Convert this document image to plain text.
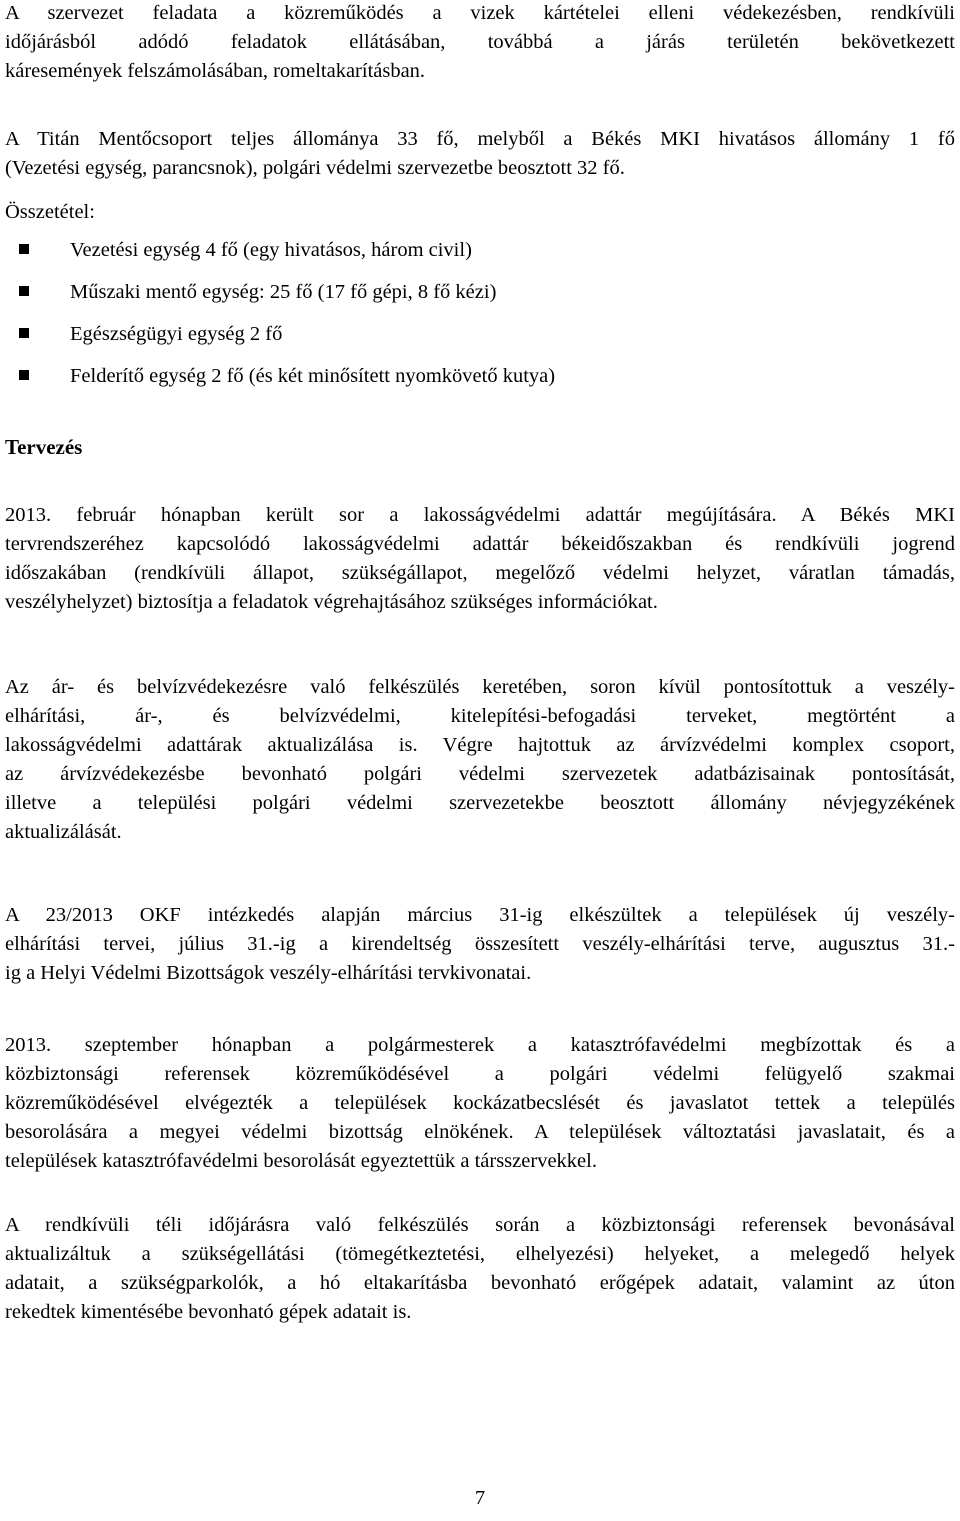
A szervezet feladata a közreműködés a vizek kártételei elleni védekezésben, rendkívüli
időjárásból adódó feladatok ellátásában, továbbá a járás területén bekövetkezett
káresemények felszámolásában, romeltakarításban.

A Titán Mentőcsoport teljes állománya 33 fő, melyből a Békés MKI hivatásos állomány 1 fő
(Vezetési egység, parancsnok), polgári védelmi szervezetbe beosztott 32 fő.

Összetétel:

Vezetési egység 4 fő (egy hivatásos, három civil)
Műszaki mentő egység: 25 fő (17 fő gépi, 8 fő kézi)
Egészségügyi egység 2 fő
Felderítő egység 2 fő (és két minősített nyomkövető kutya)
Tervezés

2013. február hónapban került sor a lakosságvédelmi adattár megújítására. A Békés MKI
tervrendszeréhez kapcsolódó lakosságvédelmi adattár békeidőszakban és rendkívüli jogrend
időszakában (rendkívüli állapot, szükségállapot, megelőző védelmi helyzet, váratlan támadás,
veszélyhelyzet) biztosítja a feladatok végrehajtásához szükséges információkat.

Az ár- és belvízvédekezésre való felkészülés keretében, soron kívül pontosítottuk a veszély-
elhárítási, ár-, és belvízvédelmi, kitelepítési-befogadási terveket, megtörtént a
lakosságvédelmi adattárak aktualizálása is. Végre hajtottuk az árvízvédelmi komplex csoport,
az árvízvédekezésbe bevonható polgári védelmi szervezetek adatbázisainak pontosítását,
illetve a települési polgári védelmi szervezetekbe beosztott állomány névjegyzékének
aktualizálását.

A 23/2013 OKF intézkedés alapján március 31-ig elkészültek a települések új veszély-
elhárítási tervei, július 31.-ig a kirendeltség összesített veszély-elhárítási terve, augusztus 31.-
ig a Helyi Védelmi Bizottságok veszély-elhárítási tervkivonatai.

2013. szeptember hónapban a polgármesterek a katasztrófavédelmi megbízottak és a
közbiztonsági referensek közreműködésével a polgári védelmi felügyelő szakmai
közreműködésével elvégezték a települések kockázatbecslését és javaslatot tettek a település
besorolására a megyei védelmi bizottság elnökének. A települések változtatási javaslatait, és a
települések katasztrófavédelmi besorolását egyeztettük a társszervekkel.

A rendkívüli téli időjárásra való felkészülés során a közbiztonsági referensek bevonásával
aktualizáltuk a szükségellátási (tömegétkeztetési, elhelyezési) helyeket, a melegedő helyek
adatait, a szükségparkolók, a hó eltakarításba bevonható erőgépek adatait, valamint az úton
rekedtek kimentésébe bevonható gépek adatait is.

7
